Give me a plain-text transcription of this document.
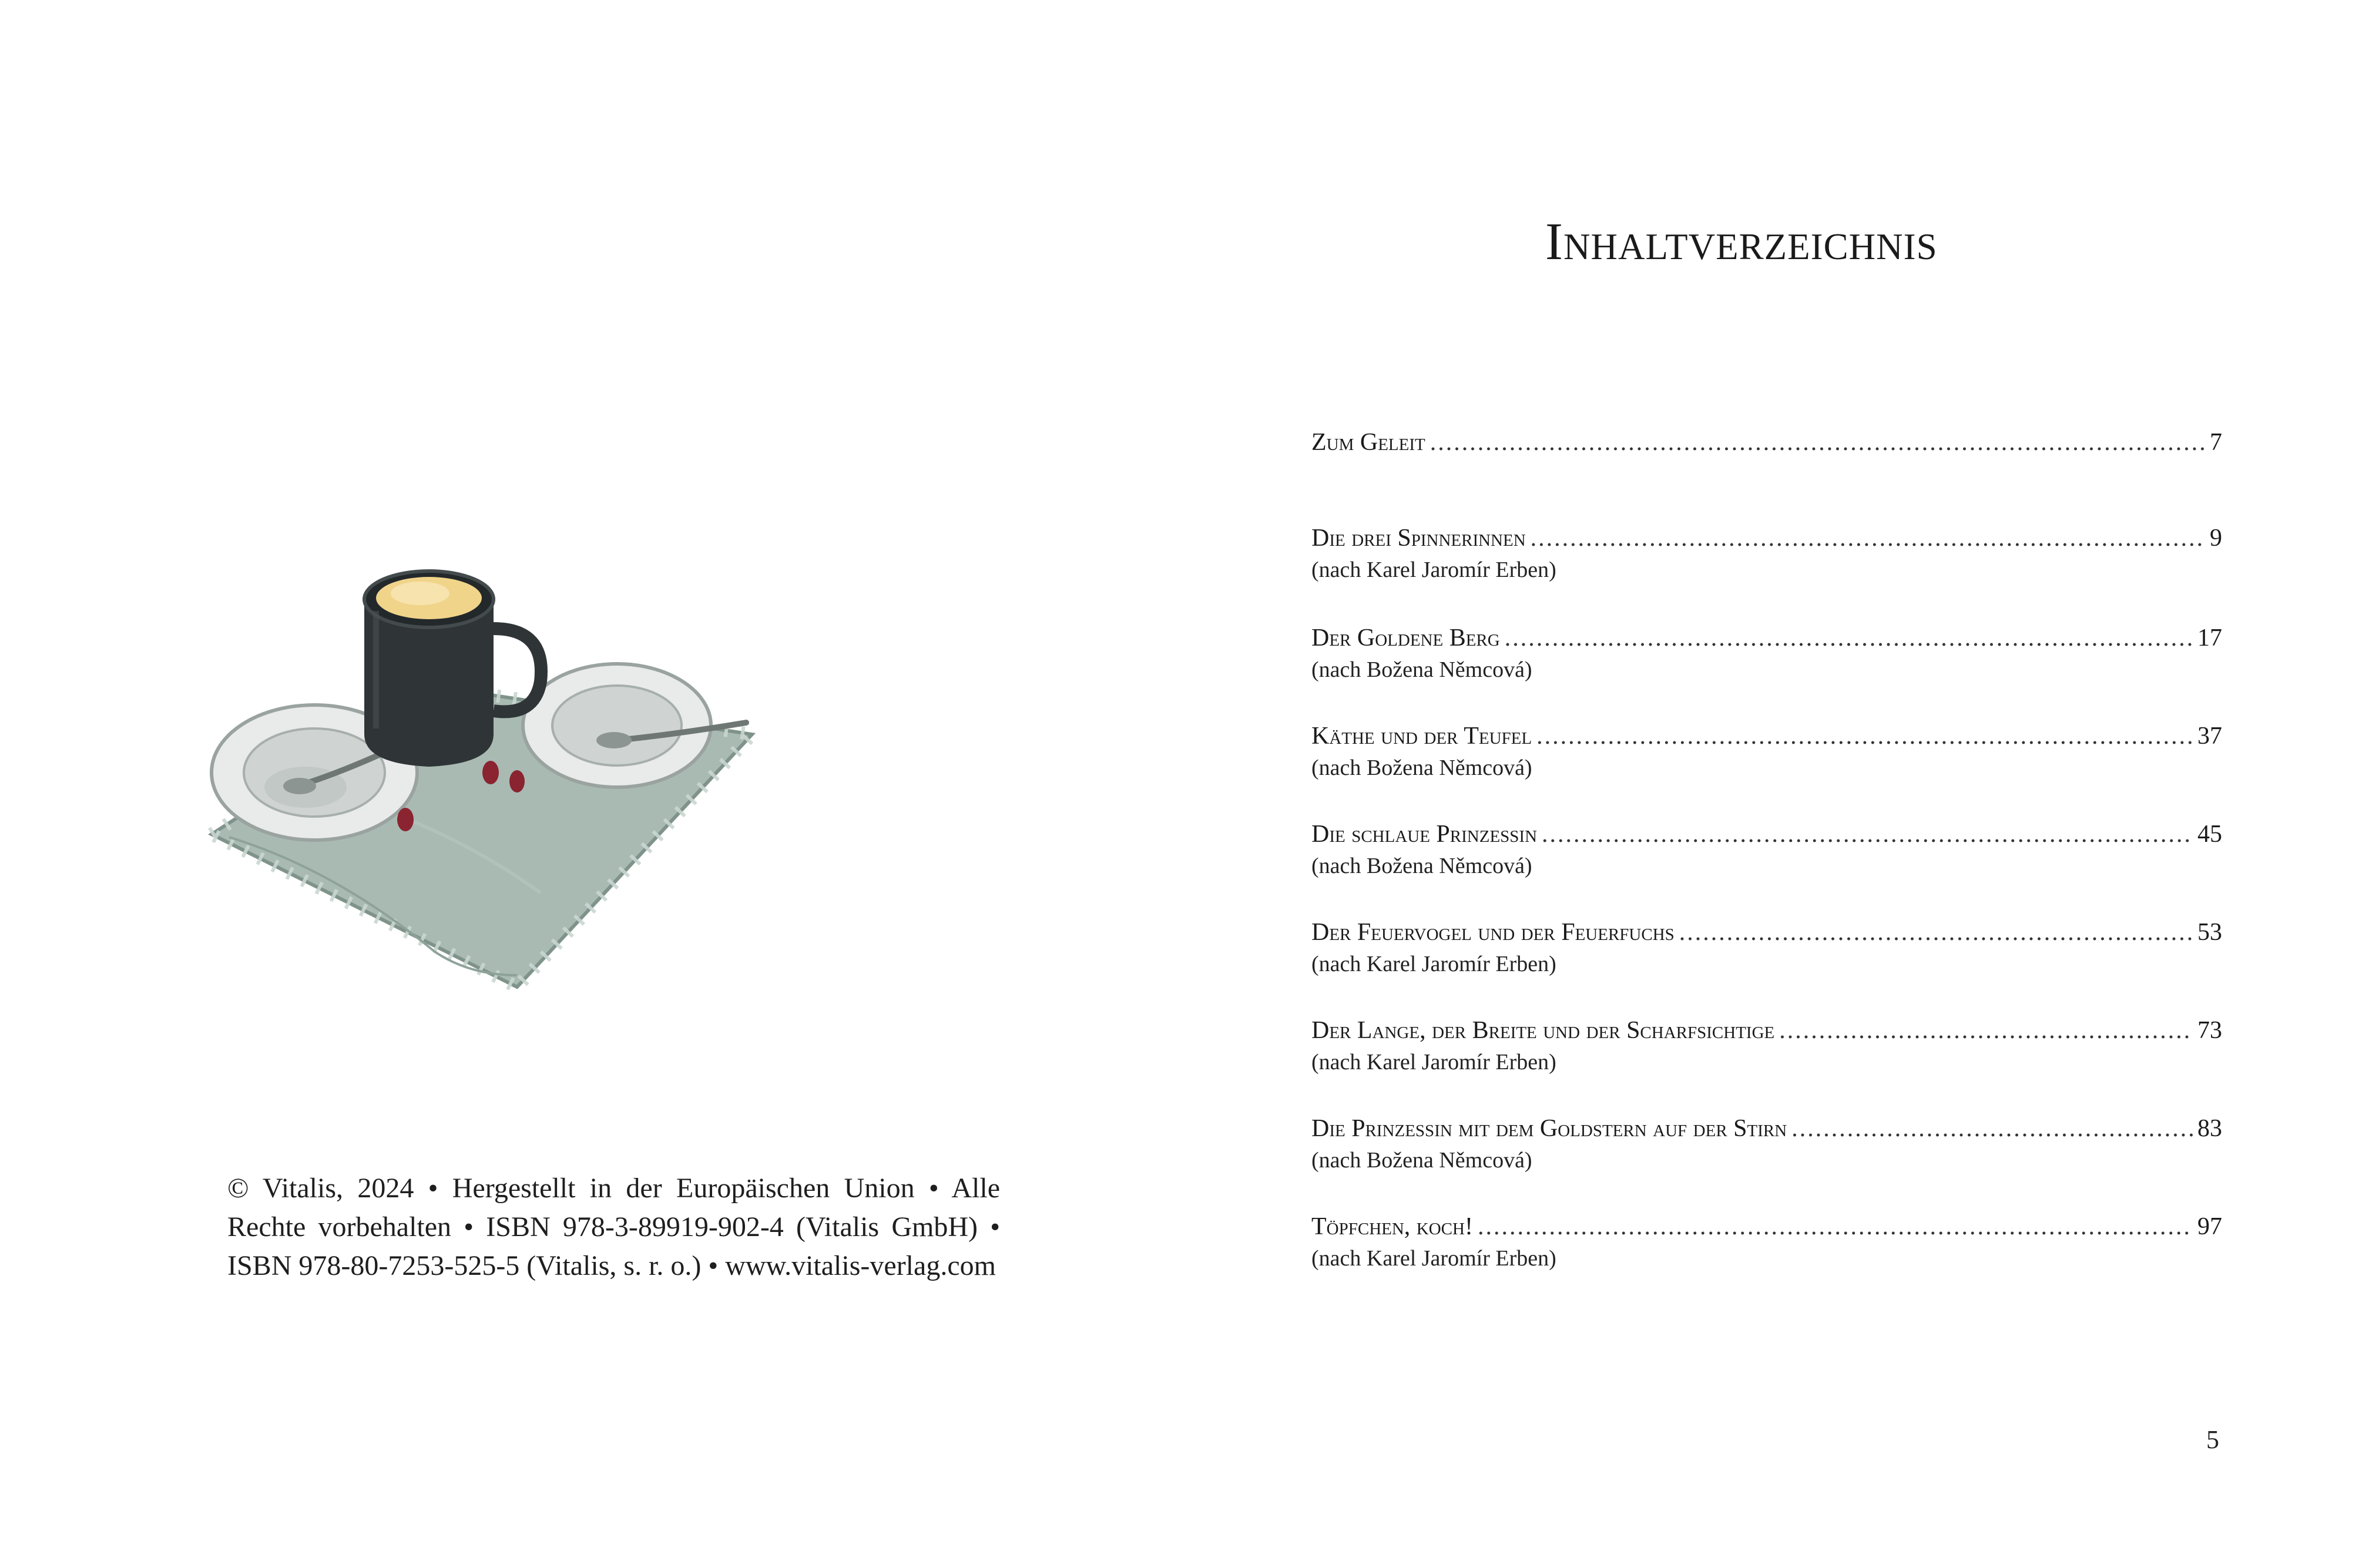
© Vitalis, 2024 • Hergestellt in der Europäischen Union • Alle Rechte vorbehalten • ISBN 978-3-89919-902-4 (Vitalis GmbH) • ISBN 978-80-7253-525-5 (Vitalis, s. r. o.) • www.vitalis-verlag.com
Inhaltverzeichnis
Zum Geleit .....	7
Die drei Spinnerinnen .....	9
(nach Karel Jaromír Erben)
Der Goldene Berg .....	17
(nach Božena Němcová)
Käthe und der Teufel .....	37
(nach Božena Němcová)
Die schlaue Prinzessin .....	45
(nach Božena Němcová)
Der Feuervogel und der Feuerfuchs .....	53
(nach Karel Jaromír Erben)
Der Lange, der Breite und der Scharfsichtige .....	73
(nach Karel Jaromír Erben)
Die Prinzessin mit dem Goldstern auf der Stirn .....	83
(nach Božena Němcová)
Töpfchen, koch! .....	97
(nach Karel Jaromír Erben)
5
